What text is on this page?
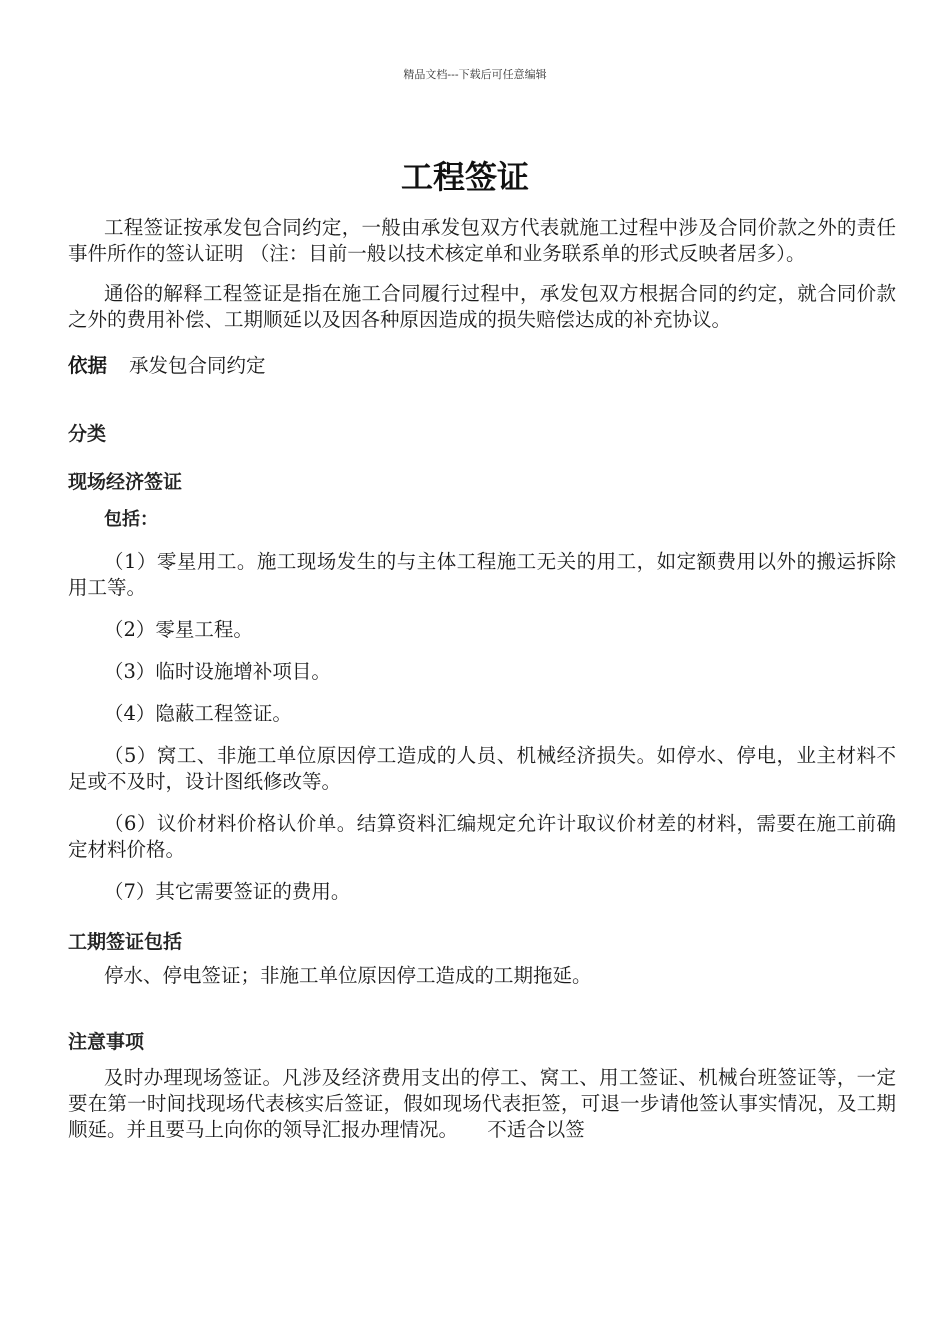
精品文档---下载后可任意编辑
工程签证

工程签证按承发包合同约定，一般由承发包双方代表就施工过程中涉及合同价款之外的责任事件所作的签认证明 （注：目前一般以技术核定单和业务联系单的形式反映者居多）。

通俗的解释工程签证是指在施工合同履行过程中，承发包双方根据合同的约定，就合同价款之外的费用补偿、工期顺延以及因各种原因造成的损失赔偿达成的补充协议。

依据 承发包合同约定

分类

现场经济签证

包括：

（1）零星用工。施工现场发生的与主体工程施工无关的用工，如定额费用以外的搬运拆除用工等。

（2）零星工程。

（3）临时设施增补项目。

（4）隐蔽工程签证。

（5）窝工、非施工单位原因停工造成的人员、机械经济损失。如停水、停电，业主材料不足或不及时，设计图纸修改等。

（6）议价材料价格认价单。结算资料汇编规定允许计取议价材差的材料，需要在施工前确定材料价格。

（7）其它需要签证的费用。

工期签证包括

停水、停电签证；非施工单位原因停工造成的工期拖延。

注意事项

及时办理现场签证。凡涉及经济费用支出的停工、窝工、用工签证、机械台班签证等，一定要在第一时间找现场代表核实后签证，假如现场代表拒签，可退一步请他签认事实情况，及工期顺延。并且要马上向你的领导汇报办理情况。　　不适合以签
